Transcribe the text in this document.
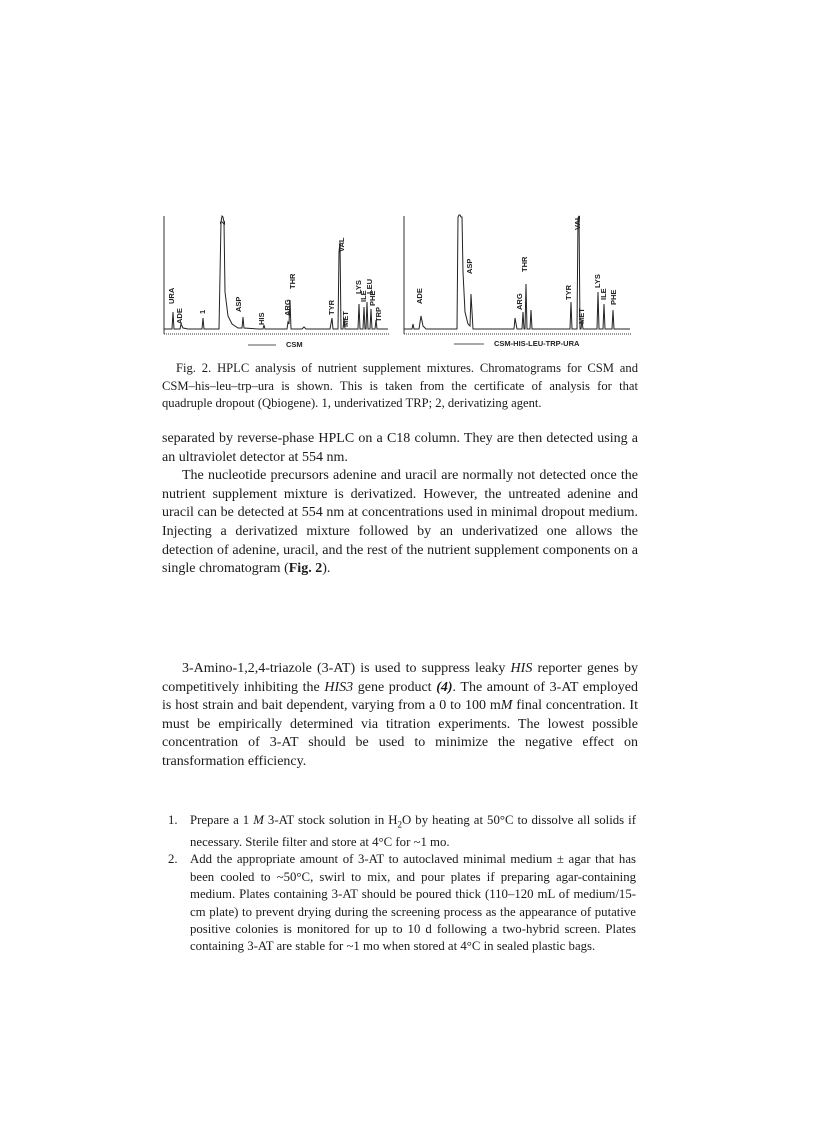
URA
ADE 1
2
ASP
HIS
ARG
THR
TYR
VAL
MET
LYS
ILE
LEU
PHE
TRP
CSM
ADE
ASP
ARG
THR
TYR
VAL
MET
LYS
ILE PHE
CSM-HIS-LEU-TRP-URA

Fig. 2. HPLC analysis of nutrient supplement mixtures. Chromatograms for CSM and CSM–his–leu–trp–ura is shown. This is taken from the certificate of analysis for that quadruple dropout (Qbiogene). 1, underivatized TRP; 2, derivatizing agent.

separated by reverse-phase HPLC on a C18 column. They are then detected using a an ultraviolet detector at 554 nm.

The nucleotide precursors adenine and uracil are normally not detected once the nutrient supplement mixture is derivatized. However, the untreated adenine and uracil can be detected at 554 nm at concentrations used in minimal dropout medium. Injecting a derivatized mixture followed by an underivatized one allows the detection of adenine, uracil, and the rest of the nutrient supplement components on a single chromatogram (Fig. 2).

3-Amino-1,2,4-triazole (3-AT) is used to suppress leaky HIS reporter genes by competitively inhibiting the HIS3 gene product (4). The amount of 3-AT employed is host strain and bait dependent, varying from a 0 to 100 mM final concentration. It must be empirically determined via titration experiments. The lowest possible concentration of 3-AT should be used to minimize the negative effect on transformation efficiency.

1. Prepare a 1 M 3-AT stock solution in $H_2O$ by heating at 50°C to dissolve all solids if necessary. Sterile filter and store at 4°C for ~1 mo.
2. Add the appropriate amount of 3-AT to autoclaved minimal medium ± agar that has been cooled to ~50°C, swirl to mix, and pour plates if preparing agar-containing medium. Plates containing 3-AT should be poured thick (110–120 mL of medium/15-cm plate) to prevent drying during the screening process as the appearance of putative positive colonies is monitored for up to 10 d following a two-hybrid screen. Plates containing 3-AT are stable for ~1 mo when stored at 4°C in sealed plastic bags.
